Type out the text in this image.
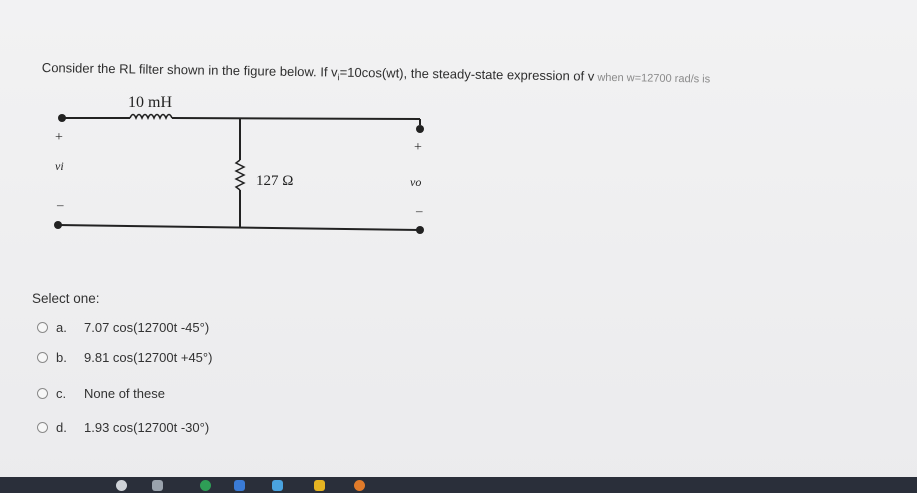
Consider the RL filter shown in the figure below. If $v_i=10\cos(wt)$, the steady-state expression of v when w=12700 rad/s is
10 mH
127 Ω
+
vi
–
+
vo
–
Select one:
a.	7.07 cos(12700t -45°)
b.	9.81 cos(12700t +45°)
c.	None of these
d.	1.93 cos(12700t -30°)
